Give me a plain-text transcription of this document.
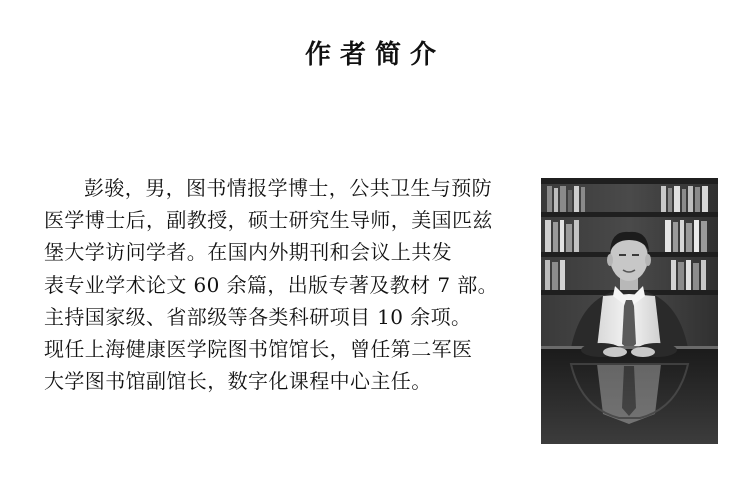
作者简介
彭骏，男，图书情报学博士，公共卫生与预防
医学博士后，副教授，硕士研究生导师，美国匹兹
堡大学访问学者。在国内外期刊和会议上共发
表专业学术论文 60 余篇，出版专著及教材 7 部。
主持国家级、省部级等各类科研项目 10 余项。
现任上海健康医学院图书馆馆长，曾任第二军医
大学图书馆副馆长，数字化课程中心主任。
